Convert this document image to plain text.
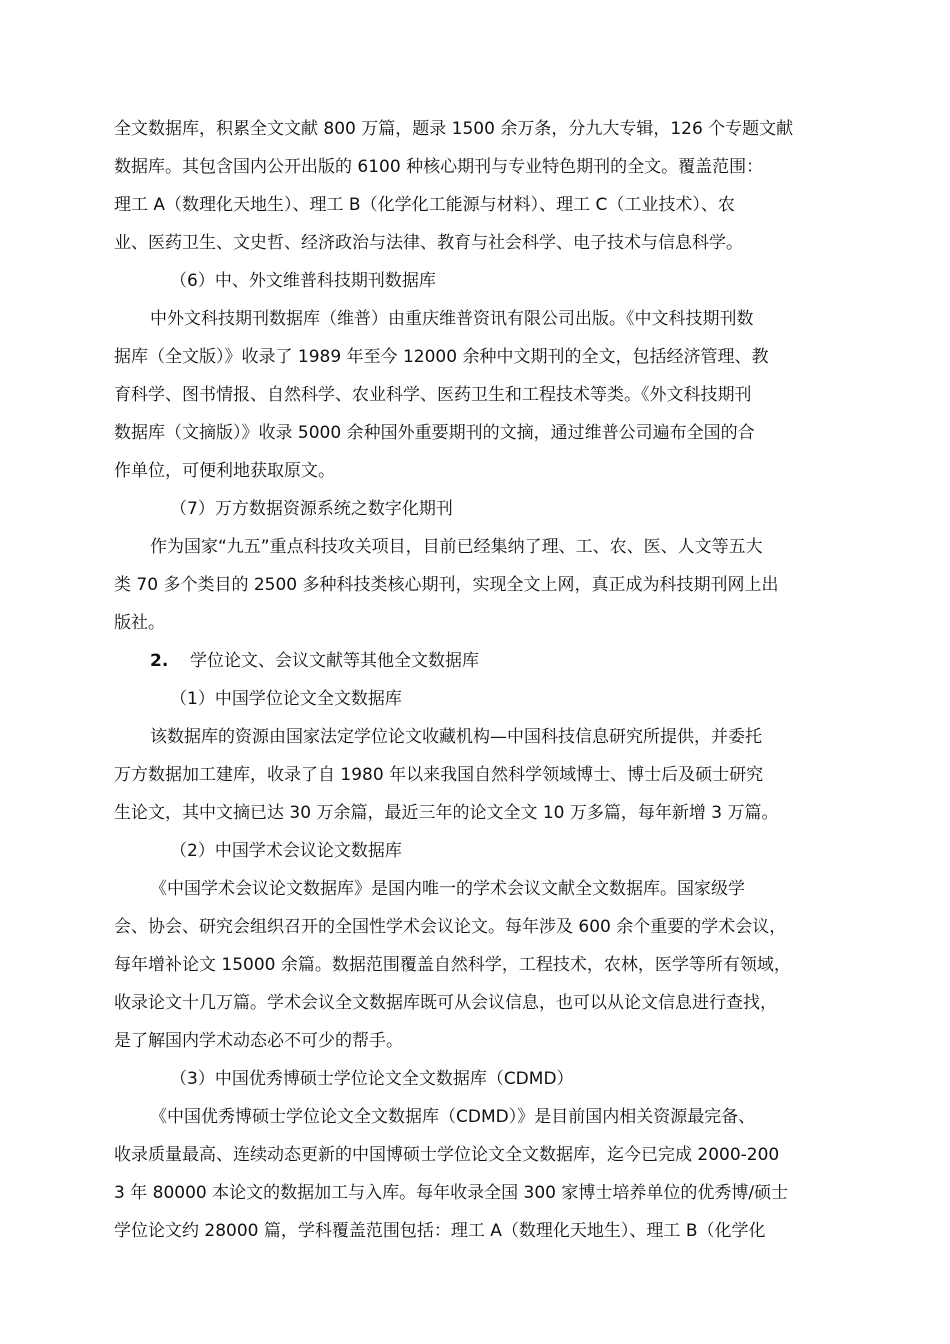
全文数据库，积累全文文献 800 万篇，题录 1500 余万条，分九大专辑，126 个专题文献
数据库。其包含国内公开出版的 6100 种核心期刊与专业特色期刊的全文。覆盖范围：
理工 A（数理化天地生）、理工 B（化学化工能源与材料）、理工 C（工业技术）、农
业、医药卫生、文史哲、经济政治与法律、教育与社会科学、电子技术与信息科学。
（6）中、外文维普科技期刊数据库
中外文科技期刊数据库（维普）由重庆维普资讯有限公司出版。《中文科技期刊数
据库（全文版）》收录了 1989 年至今 12000 余种中文期刊的全文，包括经济管理、教
育科学、图书情报、自然科学、农业科学、医药卫生和工程技术等类。《外文科技期刊
数据库（文摘版）》收录 5000 余种国外重要期刊的文摘，通过维普公司遍布全国的合
作单位，可便利地获取原文。
（7）万方数据资源系统之数字化期刊
作为国家“九五”重点科技攻关项目，目前已经集纳了理、工、农、医、人文等五大
类 70 多个类目的 2500 多种科技类核心期刊，实现全文上网，真正成为科技期刊网上出
版社。
2. 学位论文、会议文献等其他全文数据库
（1）中国学位论文全文数据库
该数据库的资源由国家法定学位论文收藏机构—中国科技信息研究所提供，并委托
万方数据加工建库，收录了自 1980 年以来我国自然科学领域博士、博士后及硕士研究
生论文，其中文摘已达 30 万余篇，最近三年的论文全文 10 万多篇，每年新增 3 万篇。
（2）中国学术会议论文数据库
《中国学术会议论文数据库》是国内唯一的学术会议文献全文数据库。国家级学
会、协会、研究会组织召开的全国性学术会议论文。每年涉及 600 余个重要的学术会议，
每年增补论文 15000 余篇。数据范围覆盖自然科学，工程技术，农林，医学等所有领域，
收录论文十几万篇。学术会议全文数据库既可从会议信息，也可以从论文信息进行查找，
是了解国内学术动态必不可少的帮手。
（3）中国优秀博硕士学位论文全文数据库（CDMD）
《中国优秀博硕士学位论文全文数据库（CDMD）》是目前国内相关资源最完备、
收录质量最高、连续动态更新的中国博硕士学位论文全文数据库，迄今已完成 2000-200
3 年 80000 本论文的数据加工与入库。每年收录全国 300 家博士培养单位的优秀博/硕士
学位论文约 28000 篇，学科覆盖范围包括：理工 A（数理化天地生）、理工 B（化学化
